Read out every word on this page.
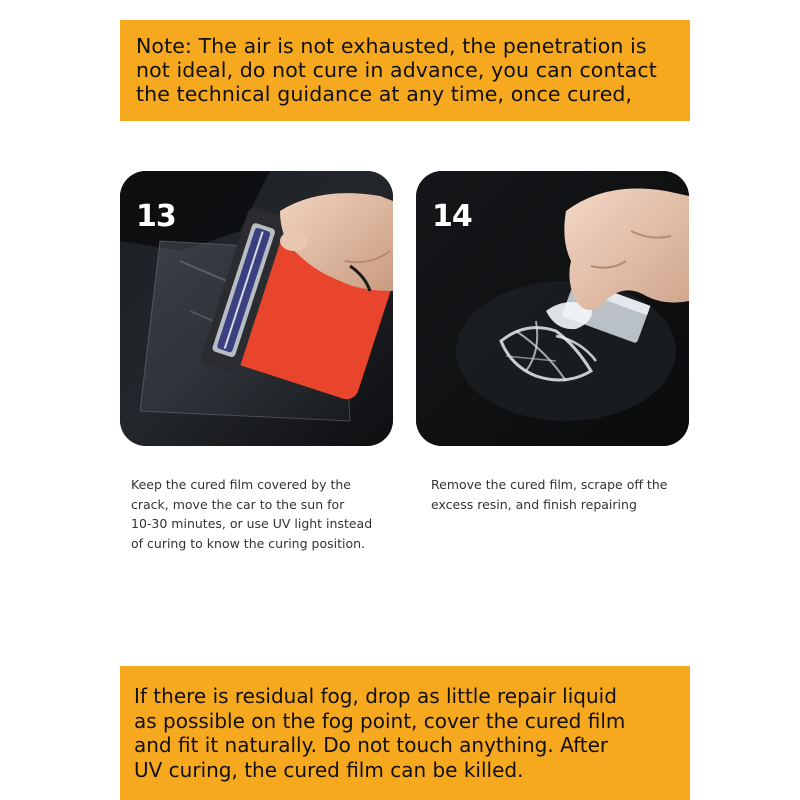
Note: The air is not exhausted, the penetration is
not ideal, do not cure in advance, you can contact
the technical guidance at any time, once cured,

13	14

Keep the cured film covered by the
crack, move the car to the sun for
10-30 minutes, or use UV light instead
of curing to know the curing position.

Remove the cured film, scrape off the
excess resin, and finish repairing

If there is residual fog, drop as little repair liquid
as possible on the fog point, cover the cured film
and fit it naturally. Do not touch anything. After
UV curing, the cured film can be killed.
